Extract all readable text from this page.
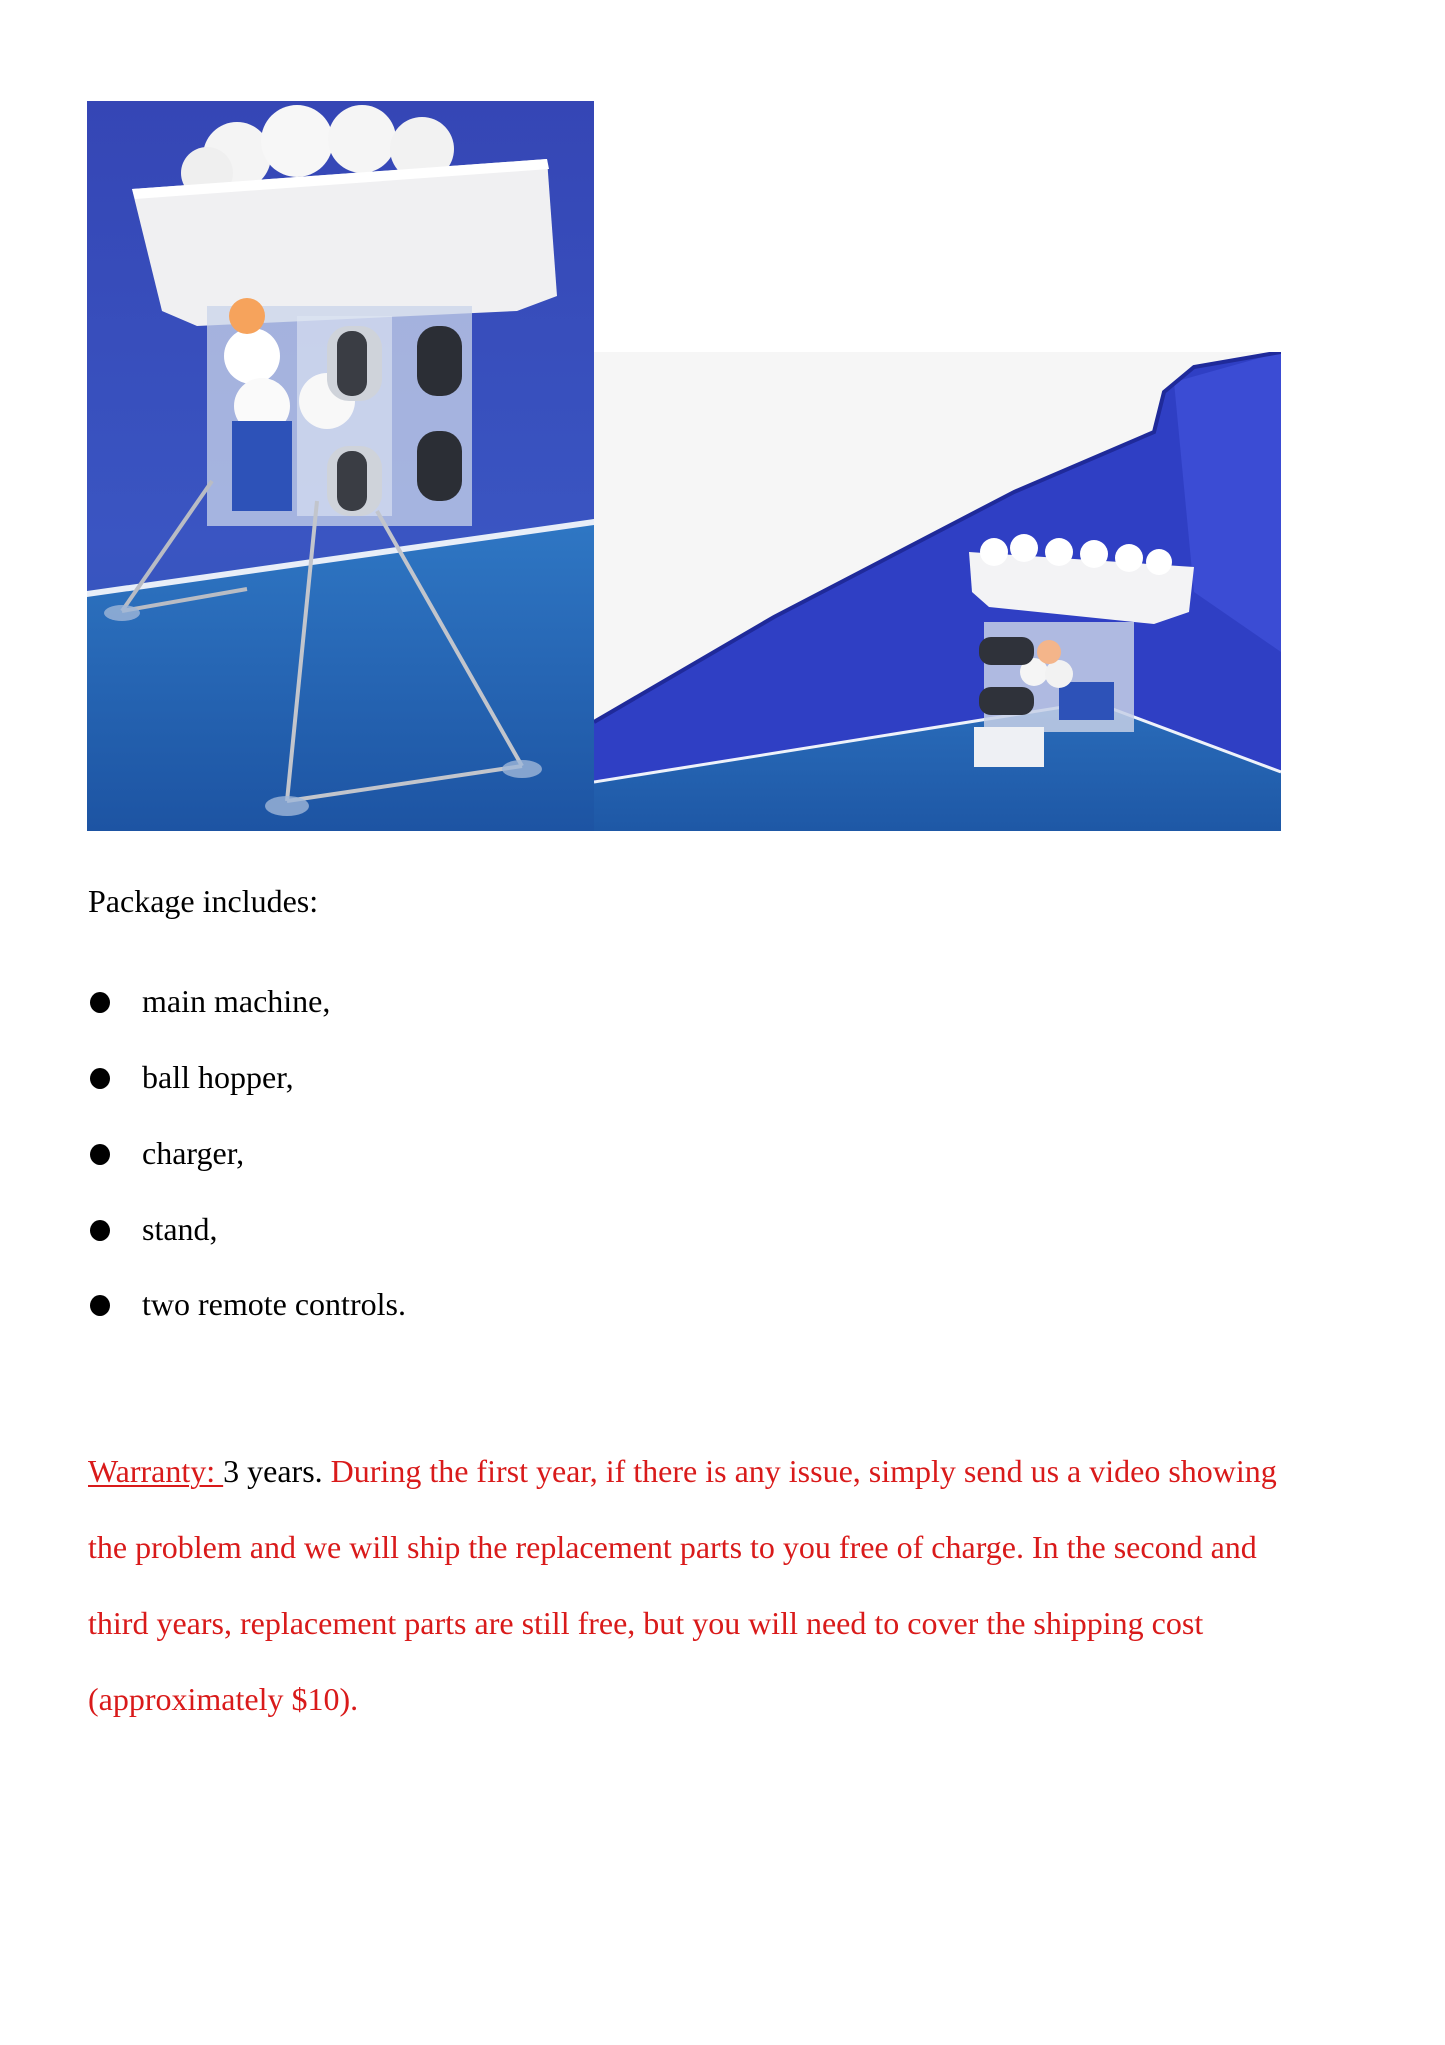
Package includes:
main machine,
ball hopper,
charger,
stand,
two remote controls.
Warranty: 3 years. During the first year, if there is any issue, simply send us a video showing
the problem and we will ship the replacement parts to you free of charge. In the second and
third years, replacement parts are still free, but you will need to cover the shipping cost
(approximately $10).
